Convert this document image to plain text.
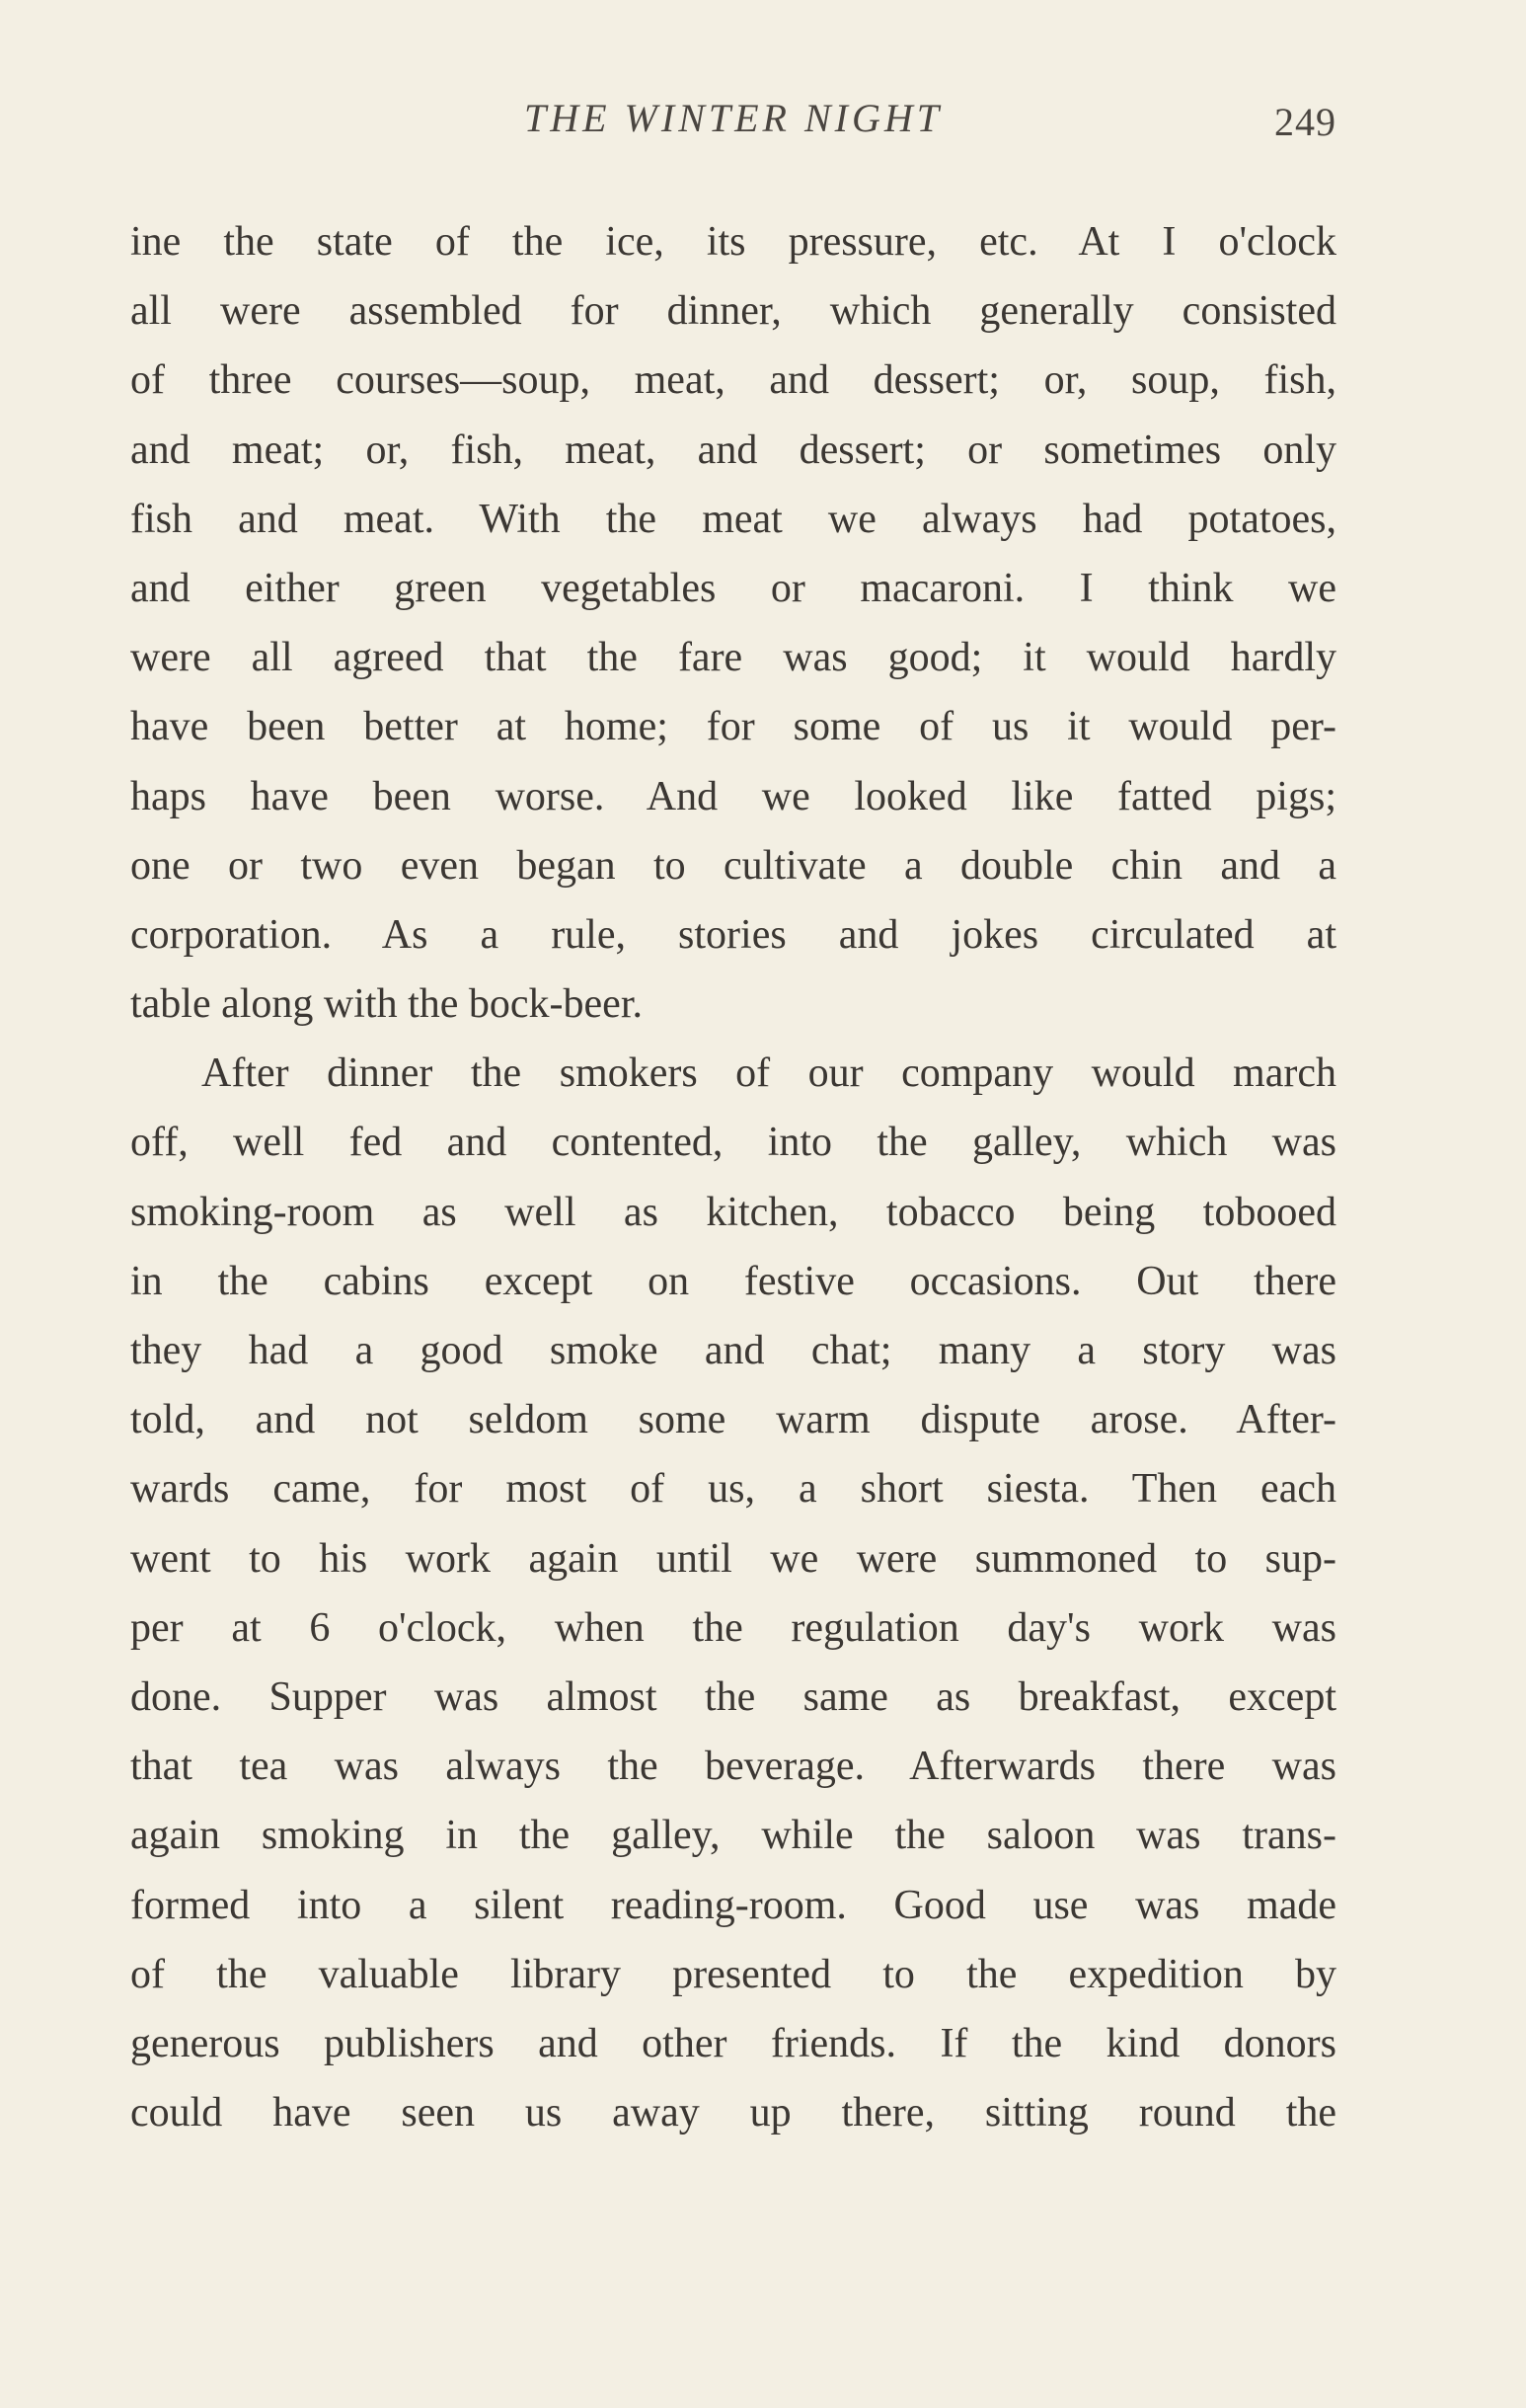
THE WINTER NIGHT	249
ine the state of the ice, its pressure, etc. At I o'clock
all were assembled for dinner, which generally consisted
of three courses—soup, meat, and dessert; or, soup, fish,
and meat; or, fish, meat, and dessert; or sometimes only
fish and meat. With the meat we always had potatoes,
and either green vegetables or macaroni. I think we
were all agreed that the fare was good; it would hardly
have been better at home; for some of us it would per-
haps have been worse. And we looked like fatted pigs;
one or two even began to cultivate a double chin and a
corporation. As a rule, stories and jokes circulated at
table along with the bock-beer.
After dinner the smokers of our company would march
off, well fed and contented, into the galley, which was
smoking-room as well as kitchen, tobacco being tobooed
in the cabins except on festive occasions. Out there
they had a good smoke and chat; many a story was
told, and not seldom some warm dispute arose. After-
wards came, for most of us, a short siesta. Then each
went to his work again until we were summoned to sup-
per at 6 o'clock, when the regulation day's work was
done. Supper was almost the same as breakfast, except
that tea was always the beverage. Afterwards there was
again smoking in the galley, while the saloon was trans-
formed into a silent reading-room. Good use was made
of the valuable library presented to the expedition by
generous publishers and other friends. If the kind donors
could have seen us away up there, sitting round the
